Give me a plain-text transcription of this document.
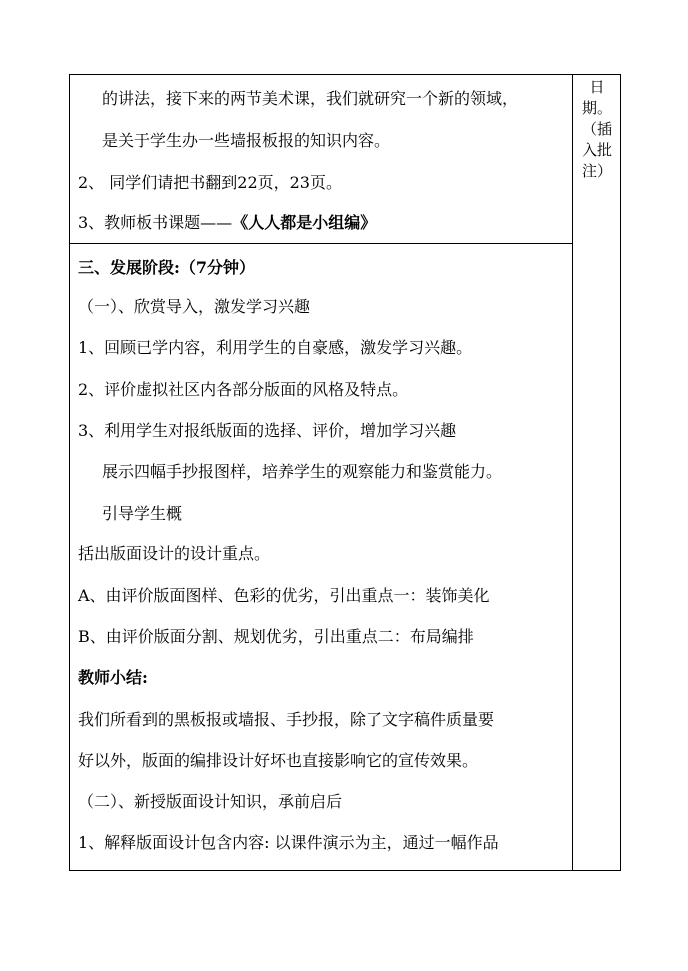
的讲法，接下来的两节美术课，我们就研究一个新的领域，
是关于学生办一些墙报板报的知识内容。
2、 同学们请把书翻到22页，23页。
3、教师板书课题——《人人都是小组编》

日期。（插入批注）

三、发展阶段:（7分钟）
（一）、欣赏导入，激发学习兴趣
1、回顾已学内容，利用学生的自豪感，激发学习兴趣。
2、评价虚拟社区内各部分版面的风格及特点。
3、利用学生对报纸版面的选择、评价，增加学习兴趣
展示四幅手抄报图样，培养学生的观察能力和鉴赏能力。
引导学生概
括出版面设计的设计重点。
A、由评价版面图样、色彩的优劣，引出重点一：装饰美化
B、由评价版面分割、规划优劣，引出重点二：布局编排
教师小结:
我们所看到的黑板报或墙报、手抄报，除了文字稿件质量要
好以外，版面的编排设计好坏也直接影响它的宣传效果。
（二）、新授版面设计知识，承前启后
1、解释版面设计包含内容: 以课件演示为主，通过一幅作品
